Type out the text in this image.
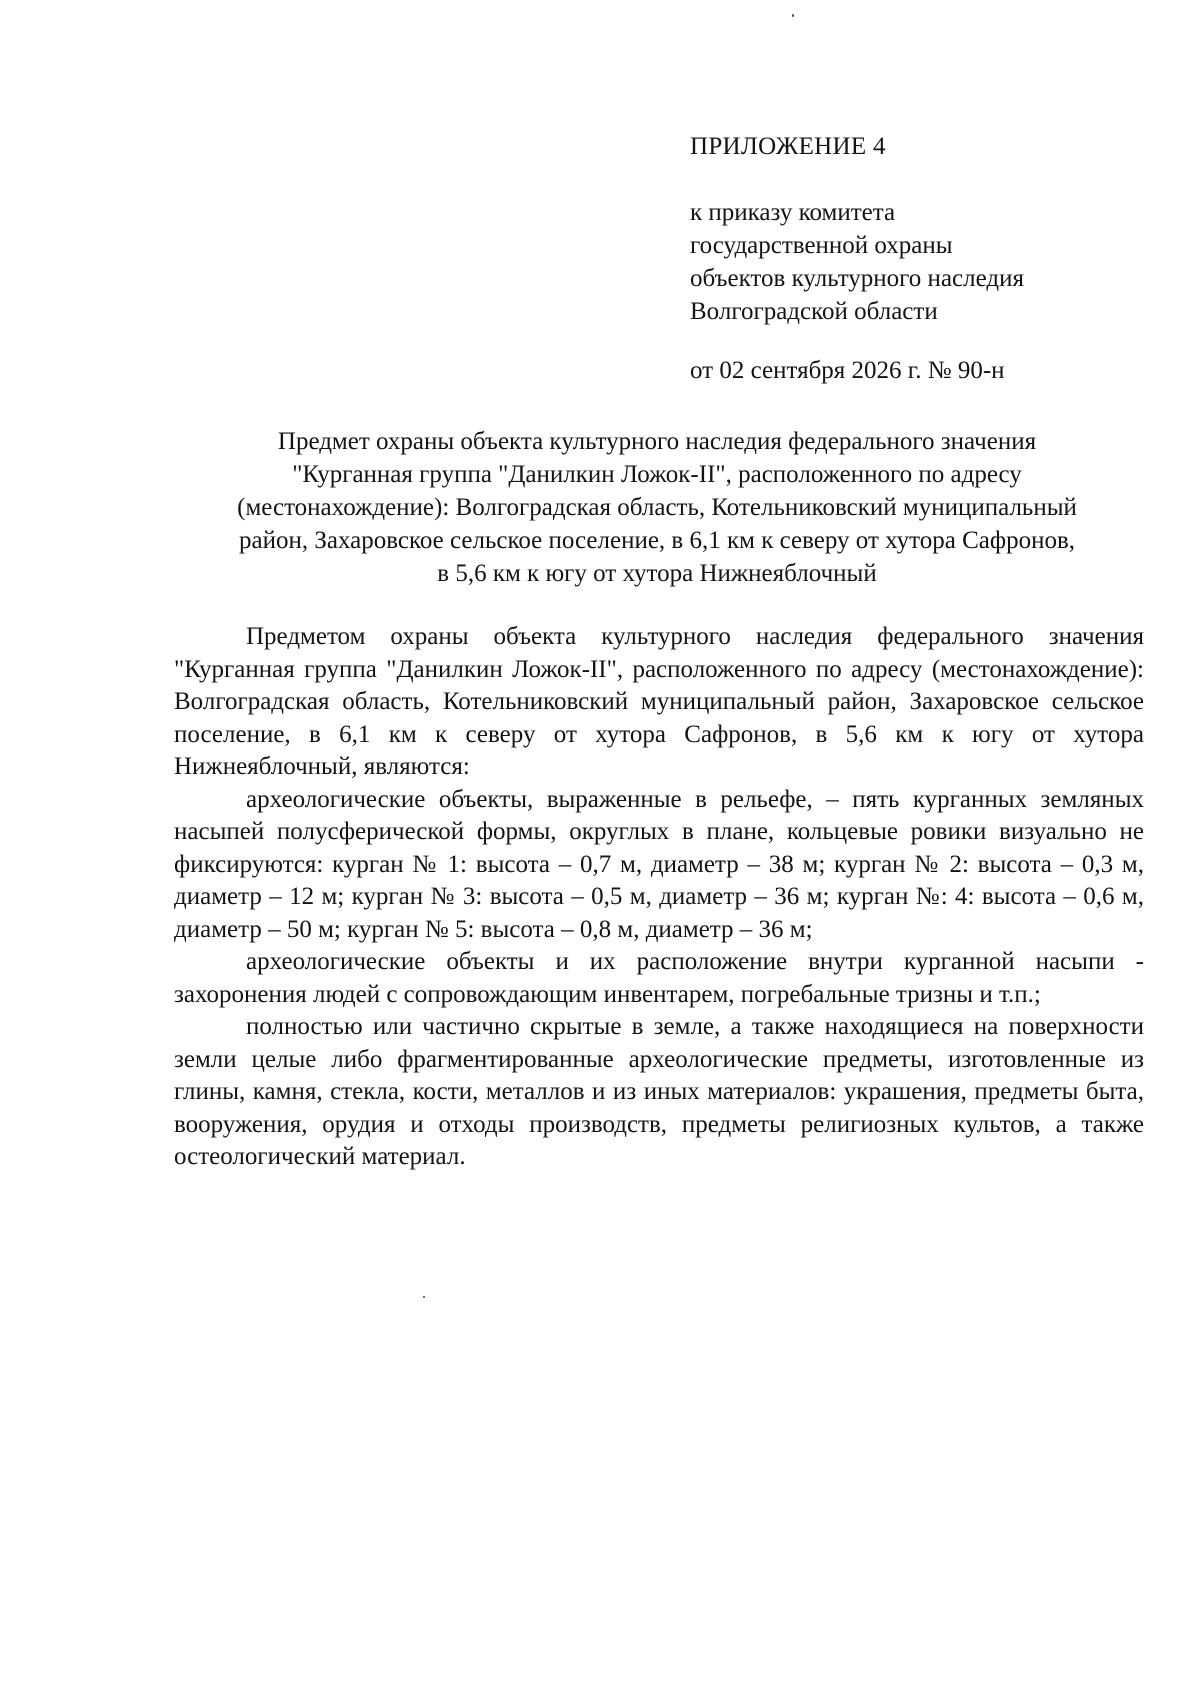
ПРИЛОЖЕНИЕ 4
к приказу комитета
государственной охраны
объектов культурного наследия
Волгоградской области
от 02 сентября 2026 г. № 90-н
Предмет охраны объекта культурного наследия федерального значения
"Курганная группа "Данилкин Ложок-II", расположенного по адресу
(местонахождение): Волгоградская область, Котельниковский муниципальный
район, Захаровское сельское поселение, в 6,1 км к северу от хутора Сафронов,
в 5,6 км к югу от хутора Нижнеяблочный

Предметом охраны объекта культурного наследия федерального значения "Курганная группа "Данилкин Ложок-II", расположенного по адресу (местонахождение): Волгоградская область, Котельниковский муниципальный район, Захаровское сельское поселение, в 6,1 км к северу от хутора Сафронов, в 5,6 км к югу от хутора Нижнеяблочный, являются:

археологические объекты, выраженные в рельефе, – пять курганных земляных насыпей полусферической формы, округлых в плане, кольцевые ровики визуально не фиксируются: курган № 1: высота – 0,7 м, диаметр – 38 м; курган № 2: высота – 0,3 м, диаметр – 12 м; курган № 3: высота – 0,5 м, диаметр – 36 м; курган №: 4: высота – 0,6 м, диаметр – 50 м; курган № 5: высота – 0,8 м, диаметр – 36 м;

археологические объекты и их расположение внутри курганной насыпи - захоронения людей с сопровождающим инвентарем, погребальные тризны и т.п.;

полностью или частично скрытые в земле, а также находящиеся на поверхности земли целые либо фрагментированные археологические предметы, изготовленные из глины, камня, стекла, кости, металлов и из иных материалов: украшения, предметы быта, вооружения, орудия и отходы производств, предметы религиозных культов, а также остеологический материал.
